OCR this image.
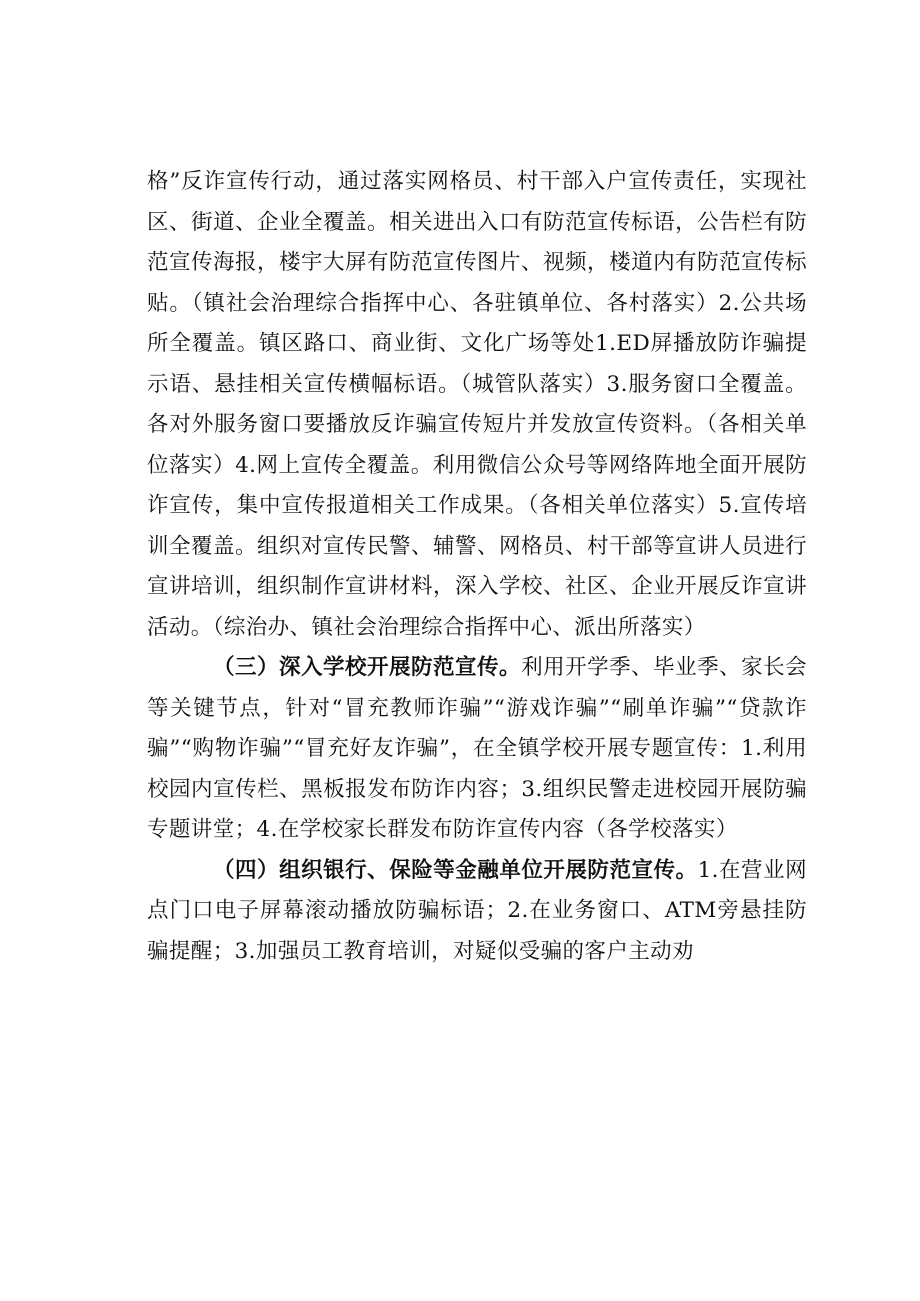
格”反诈宣传行动，通过落实网格员、村干部入户宣传责任，实现社区、街道、企业全覆盖。相关进出入口有防范宣传标语，公告栏有防范宣传海报，楼宇大屏有防范宣传图片、视频，楼道内有防范宣传标贴。（镇社会治理综合指挥中心、各驻镇单位、各村落实）2.公共场所全覆盖。镇区路口、商业街、文化广场等处1.ED屏播放防诈骗提示语、悬挂相关宣传横幅标语。（城管队落实）3.服务窗口全覆盖。各对外服务窗口要播放反诈骗宣传短片并发放宣传资料。（各相关单位落实）4.网上宣传全覆盖。利用微信公众号等网络阵地全面开展防诈宣传，集中宣传报道相关工作成果。（各相关单位落实）5.宣传培训全覆盖。组织对宣传民警、辅警、网格员、村干部等宣讲人员进行宣讲培训，组织制作宣讲材料，深入学校、社区、企业开展反诈宣讲活动。（综治办、镇社会治理综合指挥中心、派出所落实）

（三）深入学校开展防范宣传。利用开学季、毕业季、家长会等关键节点，针对“冒充教师诈骗”“游戏诈骗”“刷单诈骗”“贷款诈骗”“购物诈骗”“冒充好友诈骗”，在全镇学校开展专题宣传：1.利用校园内宣传栏、黑板报发布防诈内容；3.组织民警走进校园开展防骗专题讲堂；4.在学校家长群发布防诈宣传内容（各学校落实）

（四）组织银行、保险等金融单位开展防范宣传。1.在营业网点门口电子屏幕滚动播放防骗标语；2.在业务窗口、ATM旁悬挂防骗提醒；3.加强员工教育培训，对疑似受骗的客户主动劝
